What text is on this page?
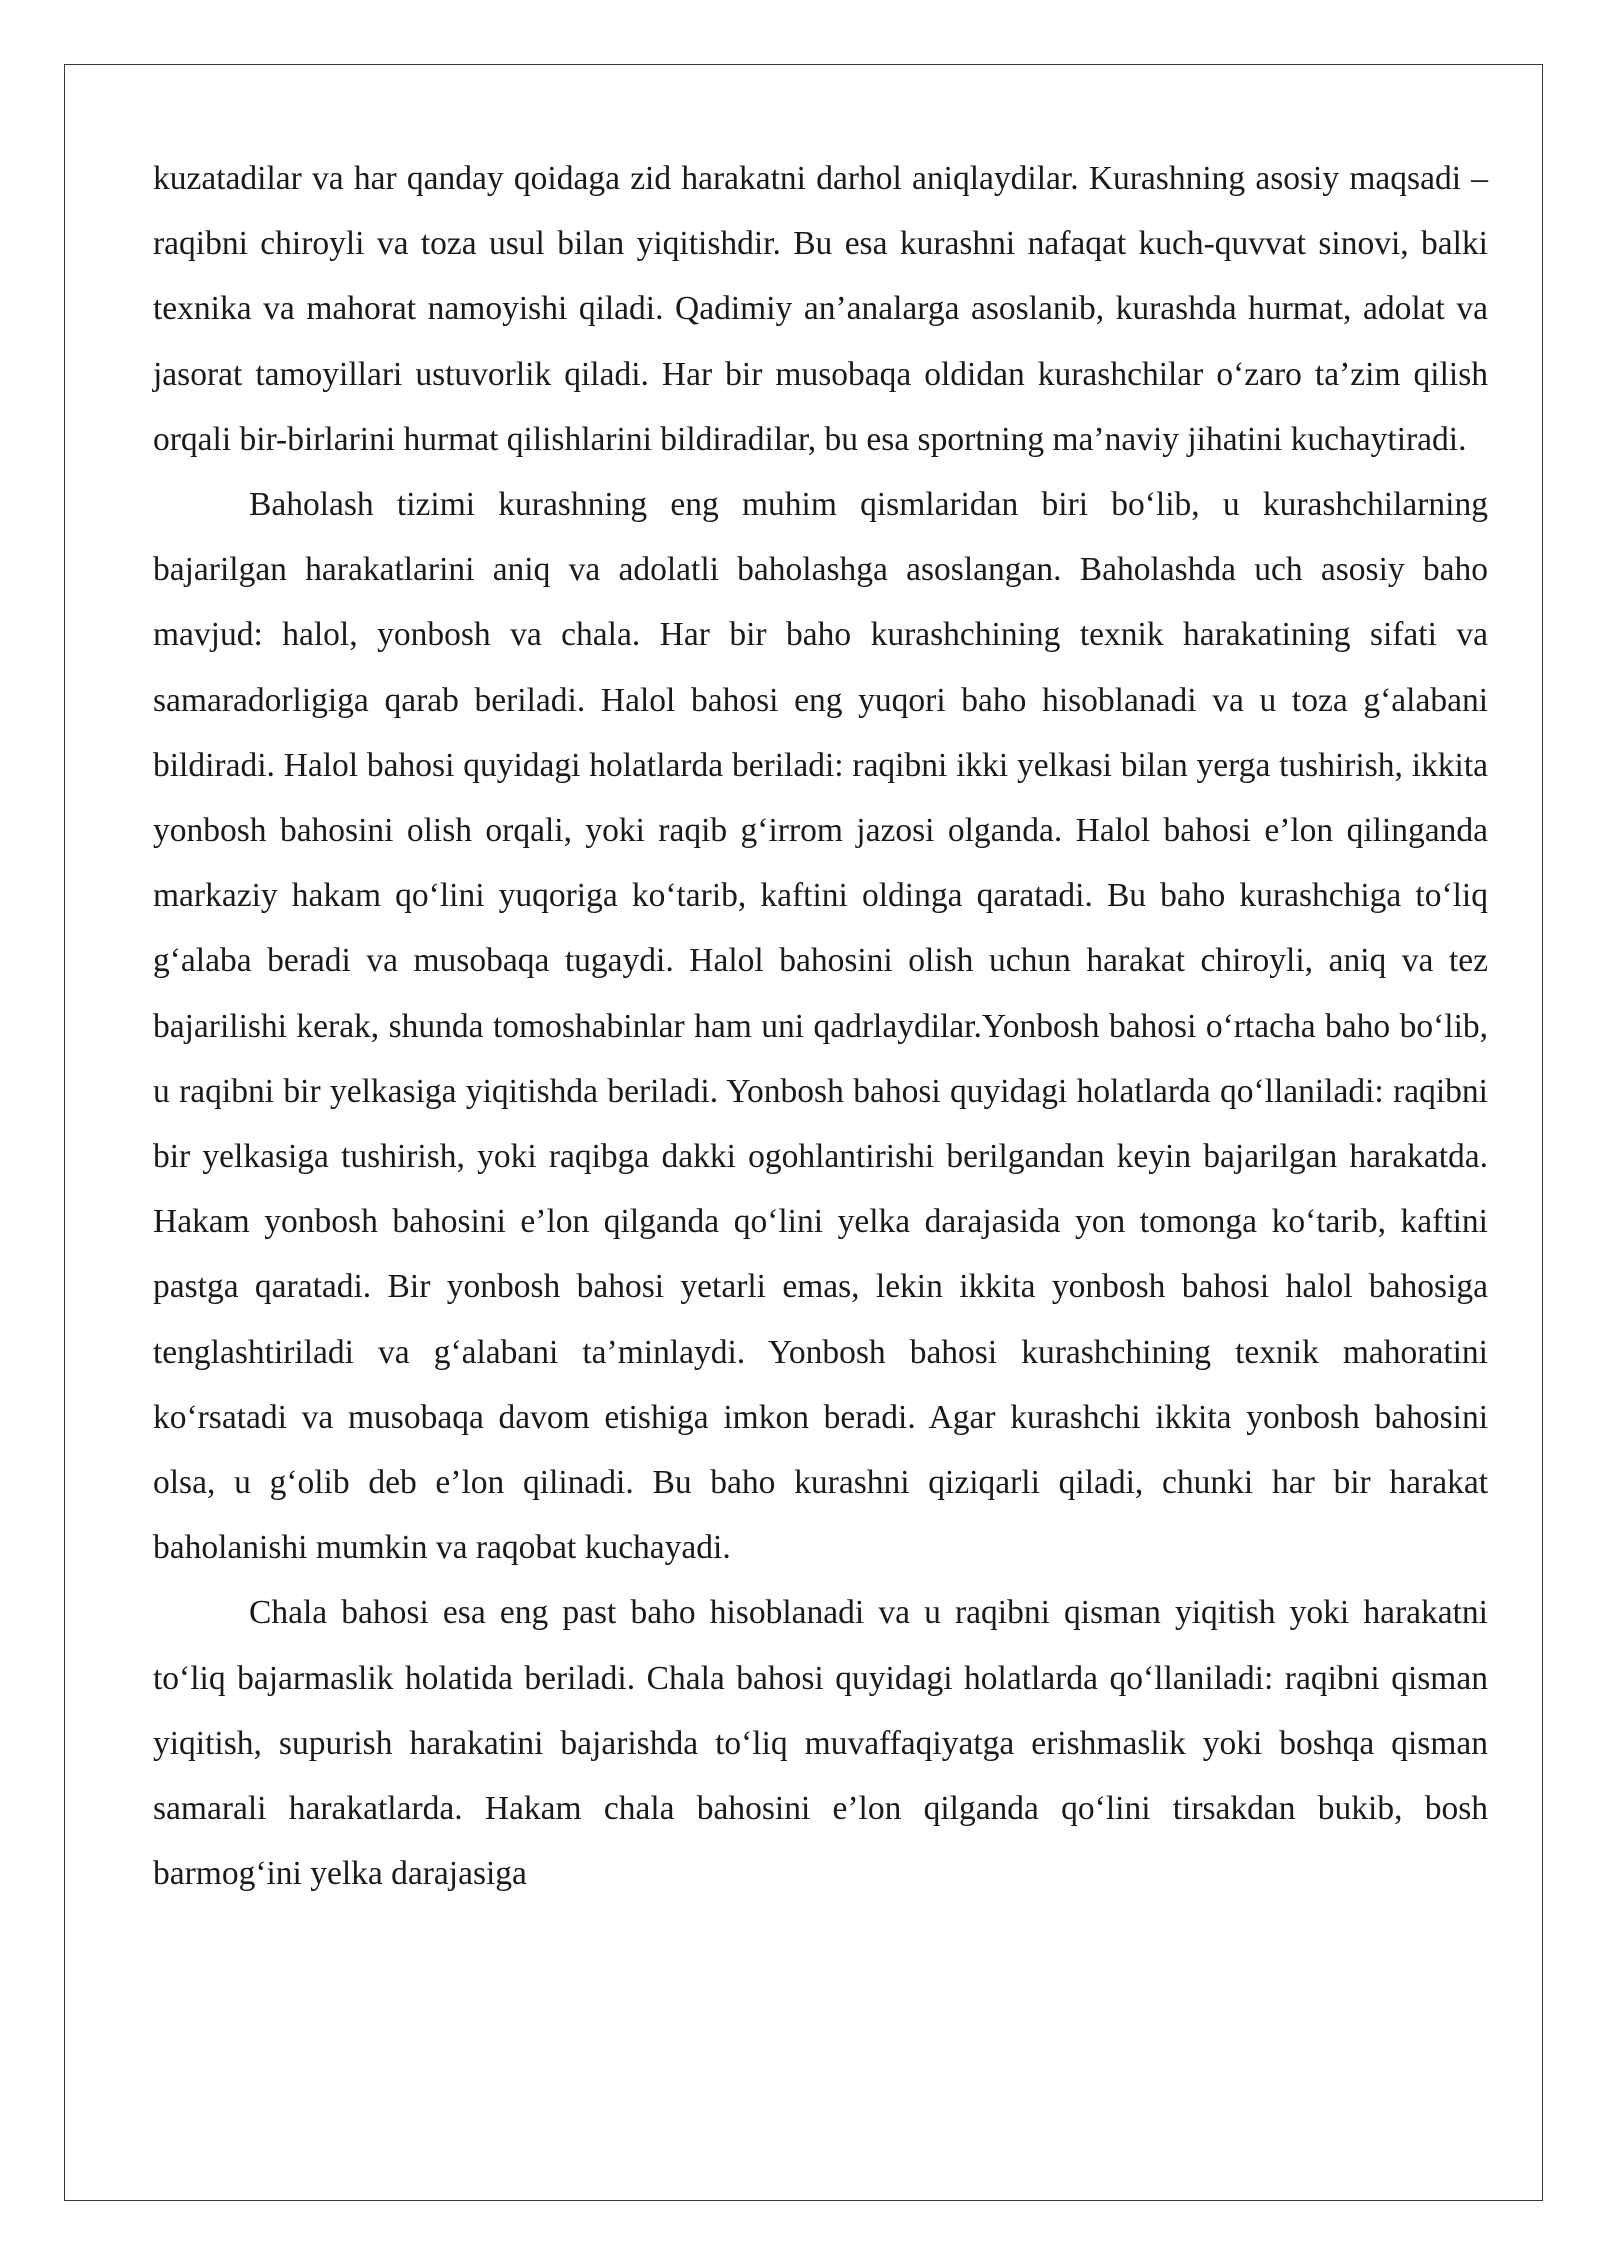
kuzatadilar va har qanday qoidaga zid harakatni darhol aniqlaydilar. Kurashning asosiy maqsadi – raqibni chiroyli va toza usul bilan yiqitishdir. Bu esa kurashni nafaqat kuch-quvvat sinovi, balki texnika va mahorat namoyishi qiladi. Qadimiy an’analarga asoslanib, kurashda hurmat, adolat va jasorat tamoyillari ustuvorlik qiladi. Har bir musobaqa oldidan kurashchilar o‘zaro ta’zim qilish orqali bir-birlarini hurmat qilishlarini bildiradilar, bu esa sportning ma’naviy jihatini kuchaytiradi.

Baholash tizimi kurashning eng muhim qismlaridan biri bo‘lib, u kurashchilarning bajarilgan harakatlarini aniq va adolatli baholashga asoslangan. Baholashda uch asosiy baho mavjud: halol, yonbosh va chala. Har bir baho kurashchining texnik harakatining sifati va samaradorligiga qarab beriladi. Halol bahosi eng yuqori baho hisoblanadi va u toza g‘alabani bildiradi. Halol bahosi quyidagi holatlarda beriladi: raqibni ikki yelkasi bilan yerga tushirish, ikkita yonbosh bahosini olish orqali, yoki raqib g‘irrom jazosi olganda. Halol bahosi e’lon qilinganda markaziy hakam qo‘lini yuqoriga ko‘tarib, kaftini oldinga qaratadi. Bu baho kurashchiga to‘liq g‘alaba beradi va musobaqa tugaydi. Halol bahosini olish uchun harakat chiroyli, aniq va tez bajarilishi kerak, shunda tomoshabinlar ham uni qadrlaydilar.Yonbosh bahosi o‘rtacha baho bo‘lib, u raqibni bir yelkasiga yiqitishda beriladi. Yonbosh bahosi quyidagi holatlarda qo‘llaniladi: raqibni bir yelkasiga tushirish, yoki raqibga dakki ogohlantirishi berilgandan keyin bajarilgan harakatda. Hakam yonbosh bahosini e’lon qilganda qo‘lini yelka darajasida yon tomonga ko‘tarib, kaftini pastga qaratadi. Bir yonbosh bahosi yetarli emas, lekin ikkita yonbosh bahosi halol bahosiga tenglashtiriladi va g‘alabani ta’minlaydi. Yonbosh bahosi kurashchining texnik mahoratini ko‘rsatadi va musobaqa davom etishiga imkon beradi. Agar kurashchi ikkita yonbosh bahosini olsa, u g‘olib deb e’lon qilinadi. Bu baho kurashni qiziqarli qiladi, chunki har bir harakat baholanishi mumkin va raqobat kuchayadi.

Chala bahosi esa eng past baho hisoblanadi va u raqibni qisman yiqitish yoki harakatni to‘liq bajarmaslik holatida beriladi. Chala bahosi quyidagi holatlarda qo‘llaniladi: raqibni qisman yiqitish, supurish harakatini bajarishda to‘liq muvaffaqiyatga erishmaslik yoki boshqa qisman samarali harakatlarda. Hakam chala bahosini e’lon qilganda qo‘lini tirsakdan bukib, bosh barmog‘ini yelka darajasiga
